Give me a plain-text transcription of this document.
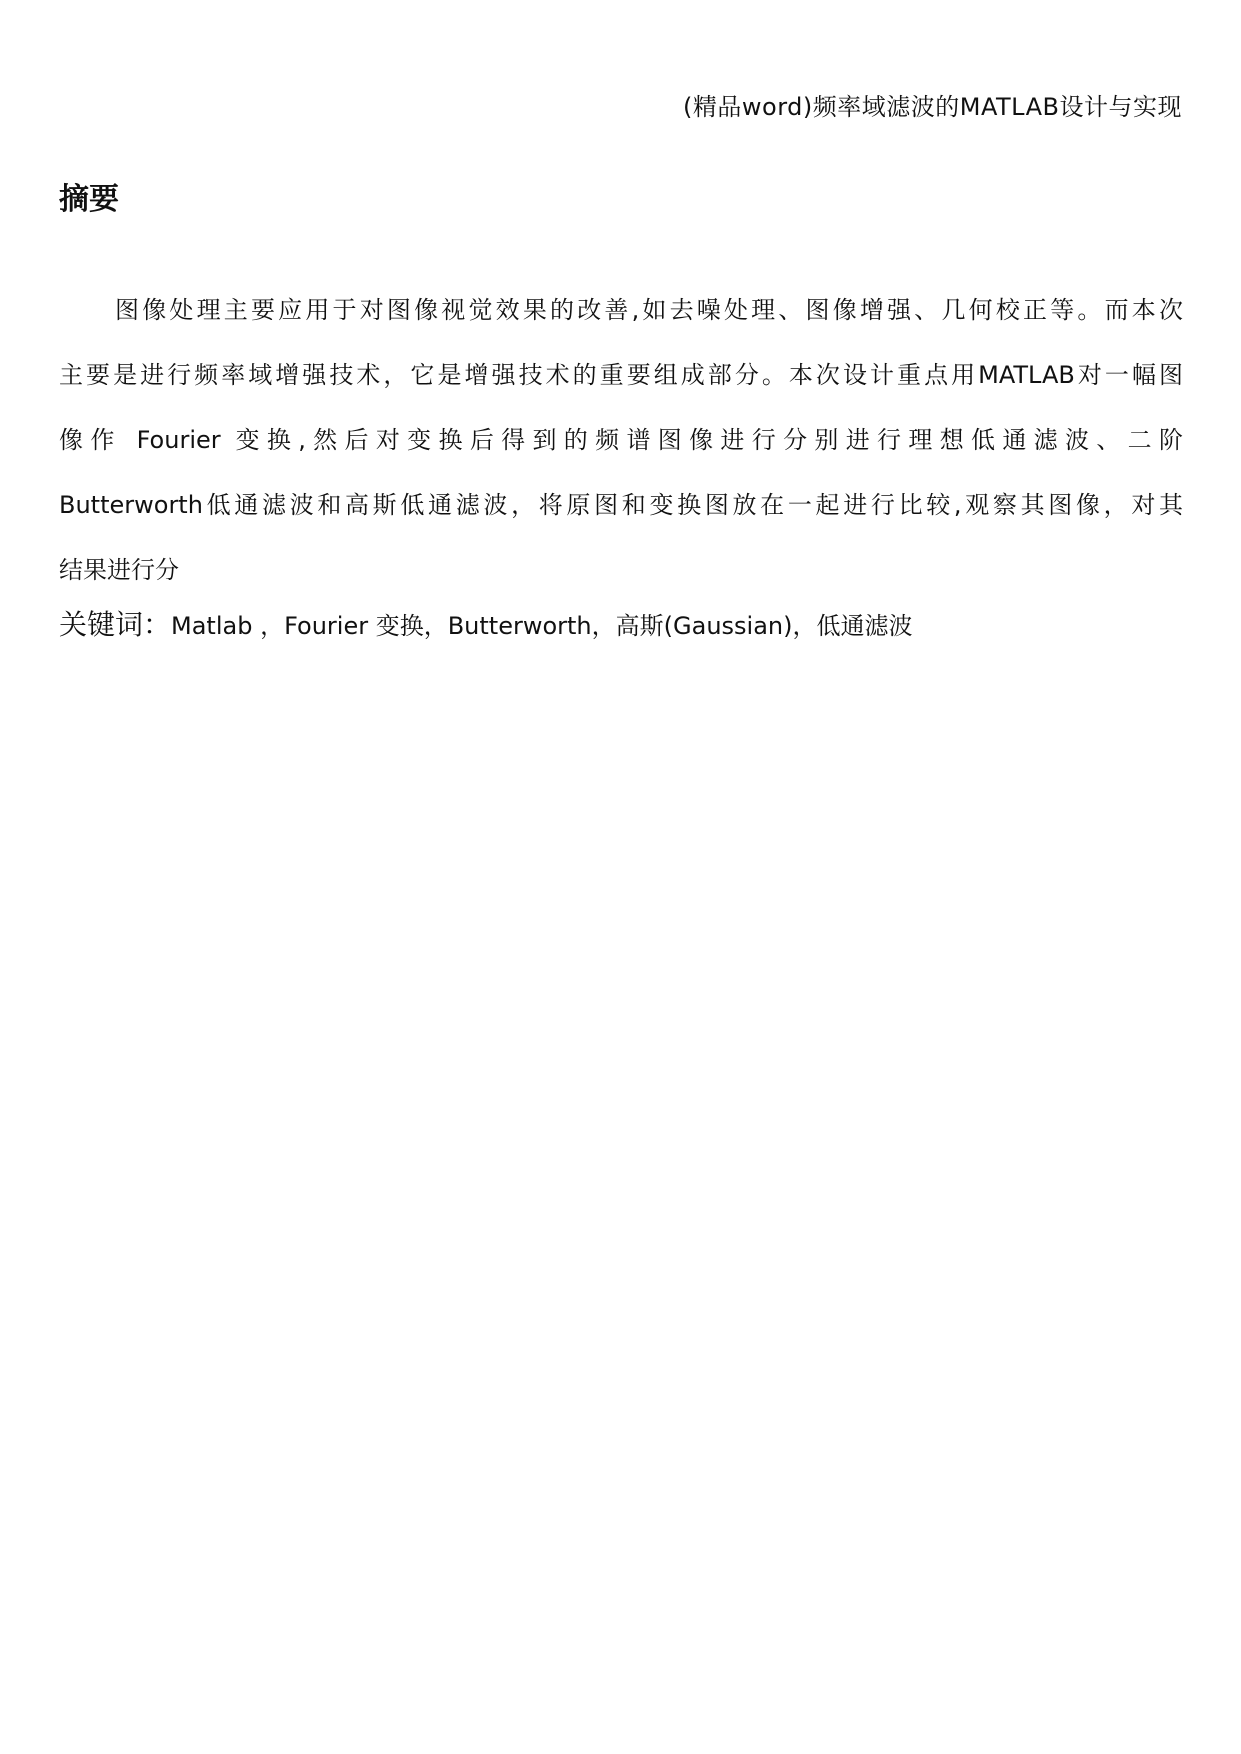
(精品word)频率域滤波的MATLAB设计与实现
摘要
图像处理主要应用于对图像视觉效果的改善,如去噪处理、图像增强、几何校正等。而本次
主要是进行频率域增强技术，它是增强技术的重要组成部分。本次设计重点用MATLAB对一幅图
像作 Fourier 变换,然后对变换后得到的频谱图像进行分别进行理想低通滤波、二阶
Butterworth低通滤波和高斯低通滤波，将原图和变换图放在一起进行比较,观察其图像，对其
结果进行分
关键词：Matlab ，Fourier 变换，Butterworth，高斯(Gaussian)，低通滤波
